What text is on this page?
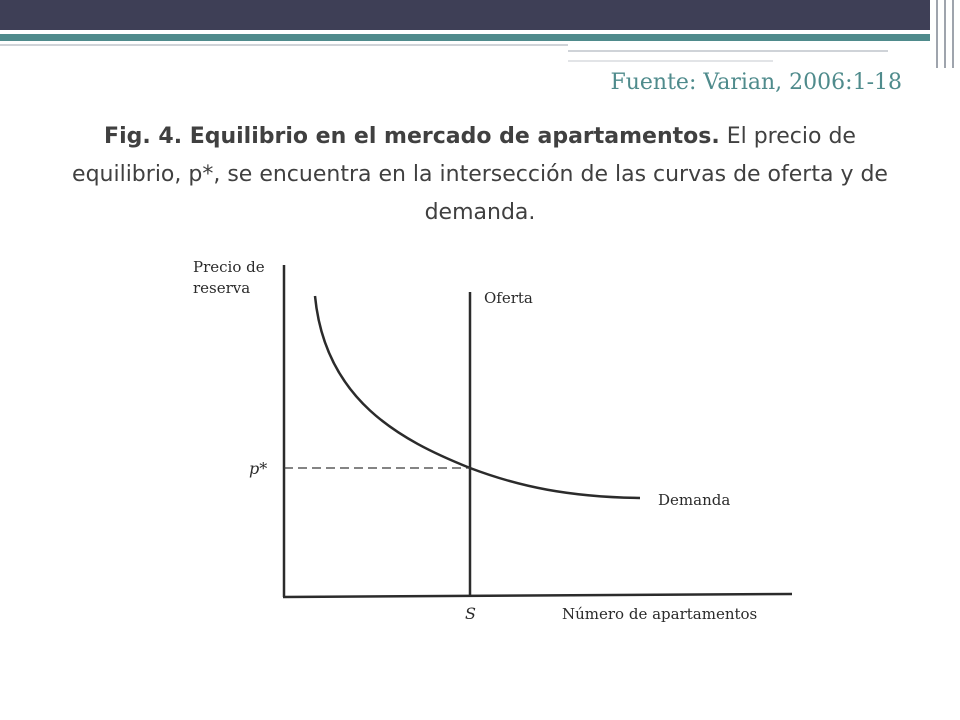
Fuente: Varian, 2006:1-18
Fig. 4. Equilibrio en el mercado de apartamentos. El precio de equilibrio, p*, se encuentra en la intersección de las curvas de oferta y de demanda.
Precio de
reserva
Oferta
Demanda
p*
S	Número de apartamentos
